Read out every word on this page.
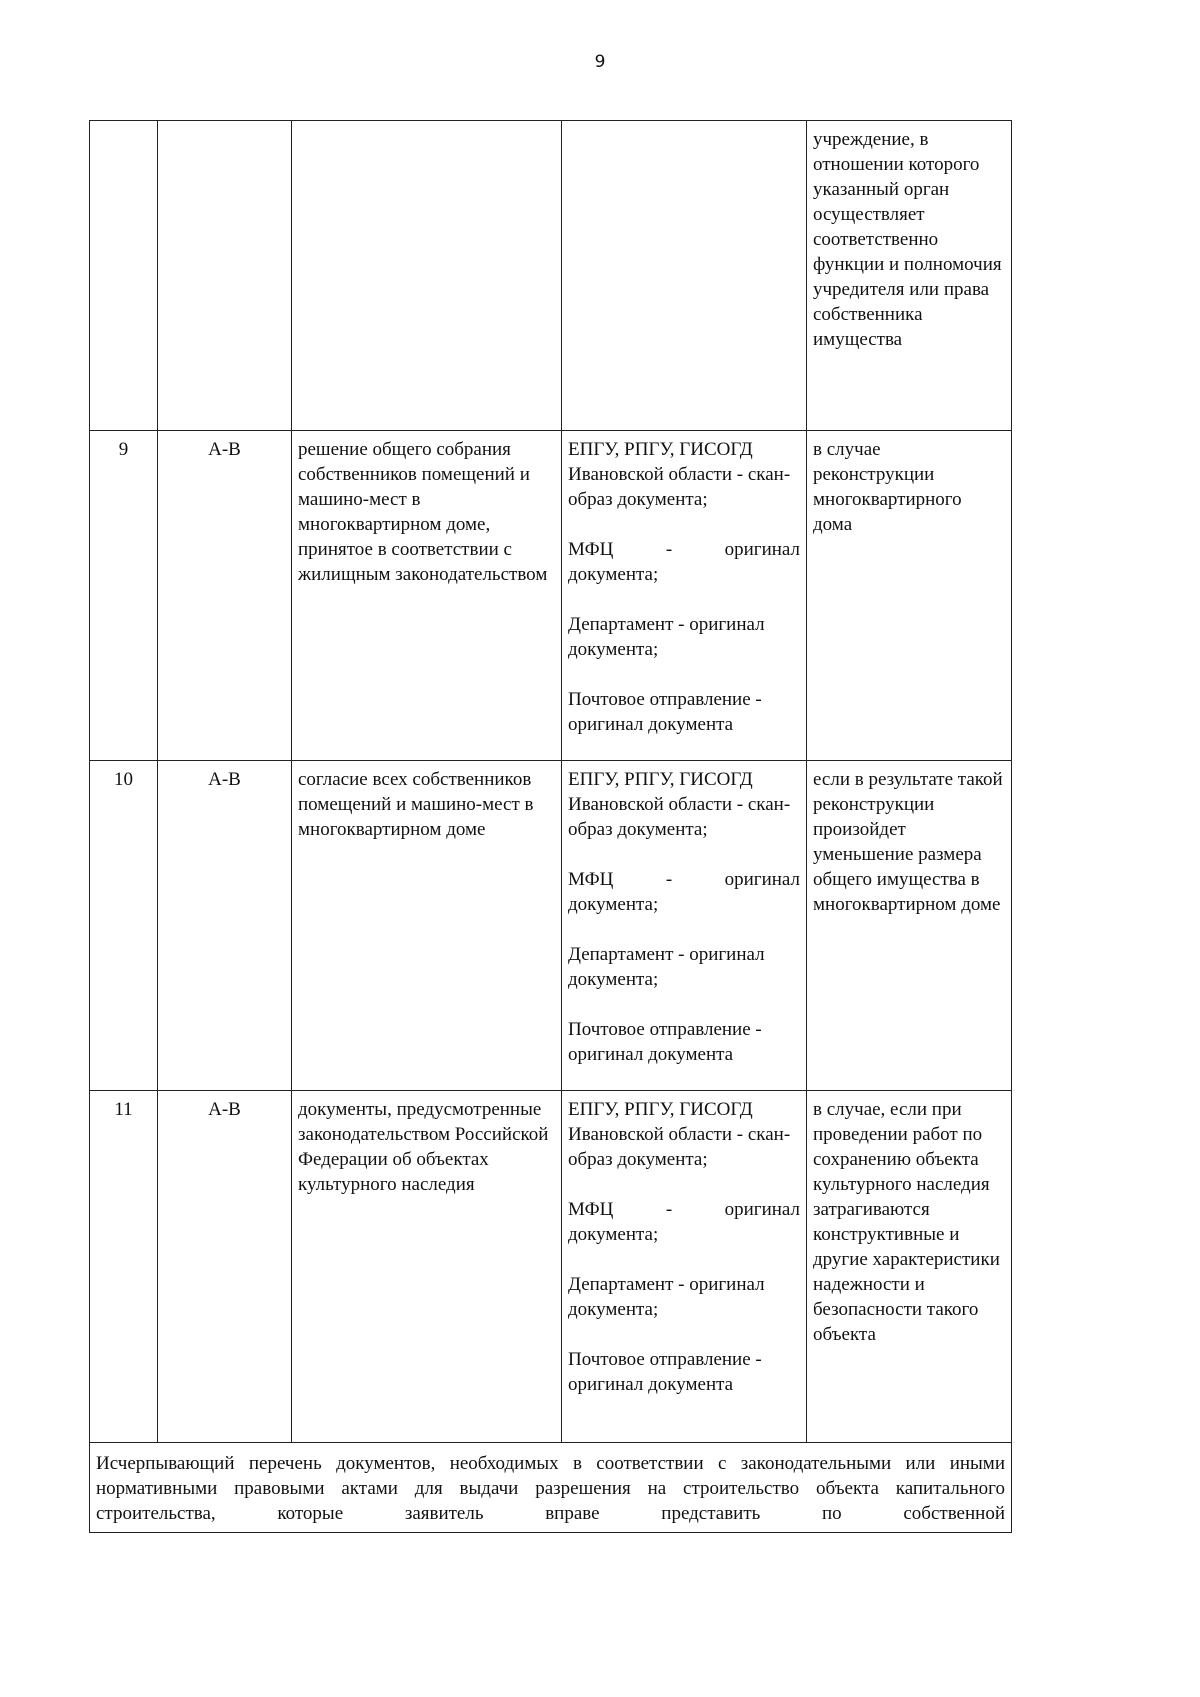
9
				учреждение, в отношении которого указанный орган осуществляет соответственно функции и полномочия учредителя или права собственника имущества
9	А-В	решение общего собрания собственников помещений и машино-мест в многоквартирном доме, принятое в соответствии с жилищным законодательством	ЕПГУ, РПГУ, ГИСОГД Ивановской области - скан-образ документа;
МФЦ - оригинал
документа;
Департамент - оригинал документа;
Почтовое отправление - оригинал документа	в случае реконструкции многоквартирного дома
10	А-В	согласие всех собственников помещений и машино-мест в многоквартирном доме	ЕПГУ, РПГУ, ГИСОГД Ивановской области - скан-образ документа;
МФЦ - оригинал
документа;
Департамент - оригинал документа;
Почтовое отправление - оригинал документа	если в результате такой реконструкции произойдет уменьшение размера общего имущества в многоквартирном доме
11	А-В	документы, предусмотренные законодательством Российской Федерации об объектах культурного наследия	ЕПГУ, РПГУ, ГИСОГД Ивановской области - скан-образ документа;
МФЦ - оригинал
документа;
Департамент - оригинал документа;
Почтовое отправление - оригинал документа	в случае, если при проведении работ по сохранению объекта культурного наследия затрагиваются конструктивные и другие характеристики надежности и безопасности такого объекта
Исчерпывающий перечень документов, необходимых в соответствии с законодательными или иными нормативными правовыми актами для выдачи разрешения на строительство объекта капитального строительства, которые заявитель вправе представить по собственной				
